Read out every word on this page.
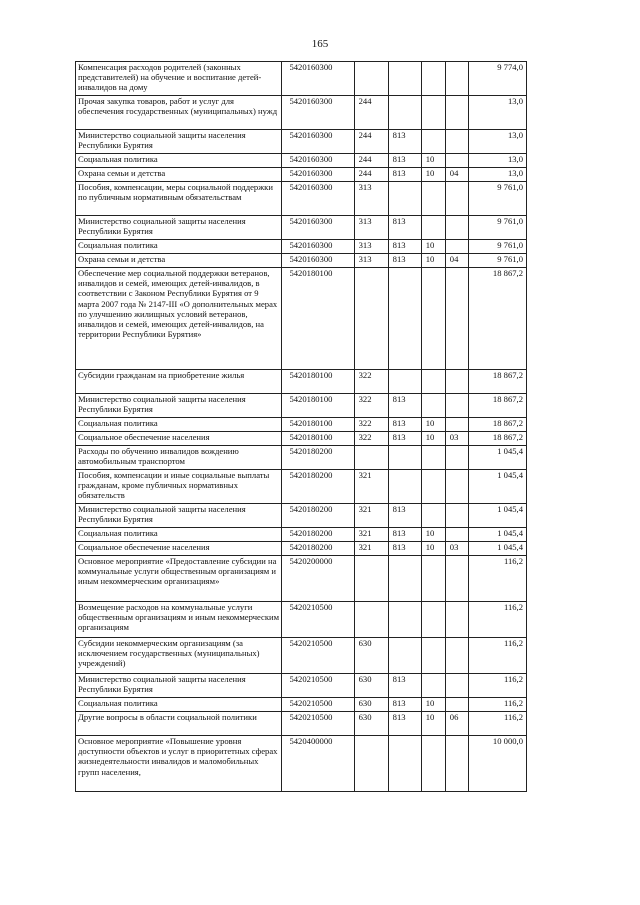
165
Компенсация расходов родителей (законных представителей) на обучение и воспитание детей-инвалидов на дому	5420160300					9 774,0
Прочая закупка товаров, работ и услуг для обеспечения государственных (муниципальных) нужд	5420160300	244				13,0
Министерство социальной защиты населения Республики Бурятия	5420160300	244	813			13,0
Социальная политика	5420160300	244	813	10		13,0
Охрана семьи и детства	5420160300	244	813	10	04	13,0
Пособия, компенсации, меры социальной поддержки по публичным нормативным обязательствам	5420160300	313				9 761,0
Министерство социальной защиты населения Республики Бурятия	5420160300	313	813			9 761,0
Социальная политика	5420160300	313	813	10		9 761,0
Охрана семьи и детства	5420160300	313	813	10	04	9 761,0
Обеспечение мер социальной поддержки ветеранов, инвалидов и семей, имеющих детей-инвалидов, в соответствии с Законом Республики Бурятия от 9 марта 2007 года № 2147-III «О дополнительных мерах по улучшению жилищных условий ветеранов, инвалидов и семей, имеющих детей-инвалидов, на территории Республики Бурятия»	5420180100					18 867,2
Субсидии гражданам на приобретение жилья	5420180100	322				18 867,2
Министерство социальной защиты населения Республики Бурятия	5420180100	322	813			18 867,2
Социальная политика	5420180100	322	813	10		18 867,2
Социальное обеспечение населения	5420180100	322	813	10	03	18 867,2
Расходы по обучению инвалидов вождению автомобильным транспортом	5420180200					1 045,4
Пособия, компенсации и иные социальные выплаты гражданам, кроме публичных нормативных обязательств	5420180200	321				1 045,4
Министерство социальной защиты населения Республики Бурятия	5420180200	321	813			1 045,4
Социальная политика	5420180200	321	813	10		1 045,4
Социальное обеспечение населения	5420180200	321	813	10	03	1 045,4
Основное мероприятие «Предоставление субсидии на коммунальные услуги общественным организациям и иным некоммерческим организациям»	5420200000					116,2
Возмещение расходов на коммунальные услуги общественным организациям и иным некоммерческим организациям	5420210500					116,2
Субсидии некоммерческим организациям (за исключением государственных (муниципальных) учреждений)	5420210500	630				116,2
Министерство социальной защиты населения Республики Бурятия	5420210500	630	813			116,2
Социальная политика	5420210500	630	813	10		116,2
Другие вопросы в области социальной политики	5420210500	630	813	10	06	116,2
Основное мероприятие «Повышение уровня доступности объектов и услуг в приоритетных сферах жизнедеятельности инвалидов и маломобильных групп населения,	5420400000					10 000,0
